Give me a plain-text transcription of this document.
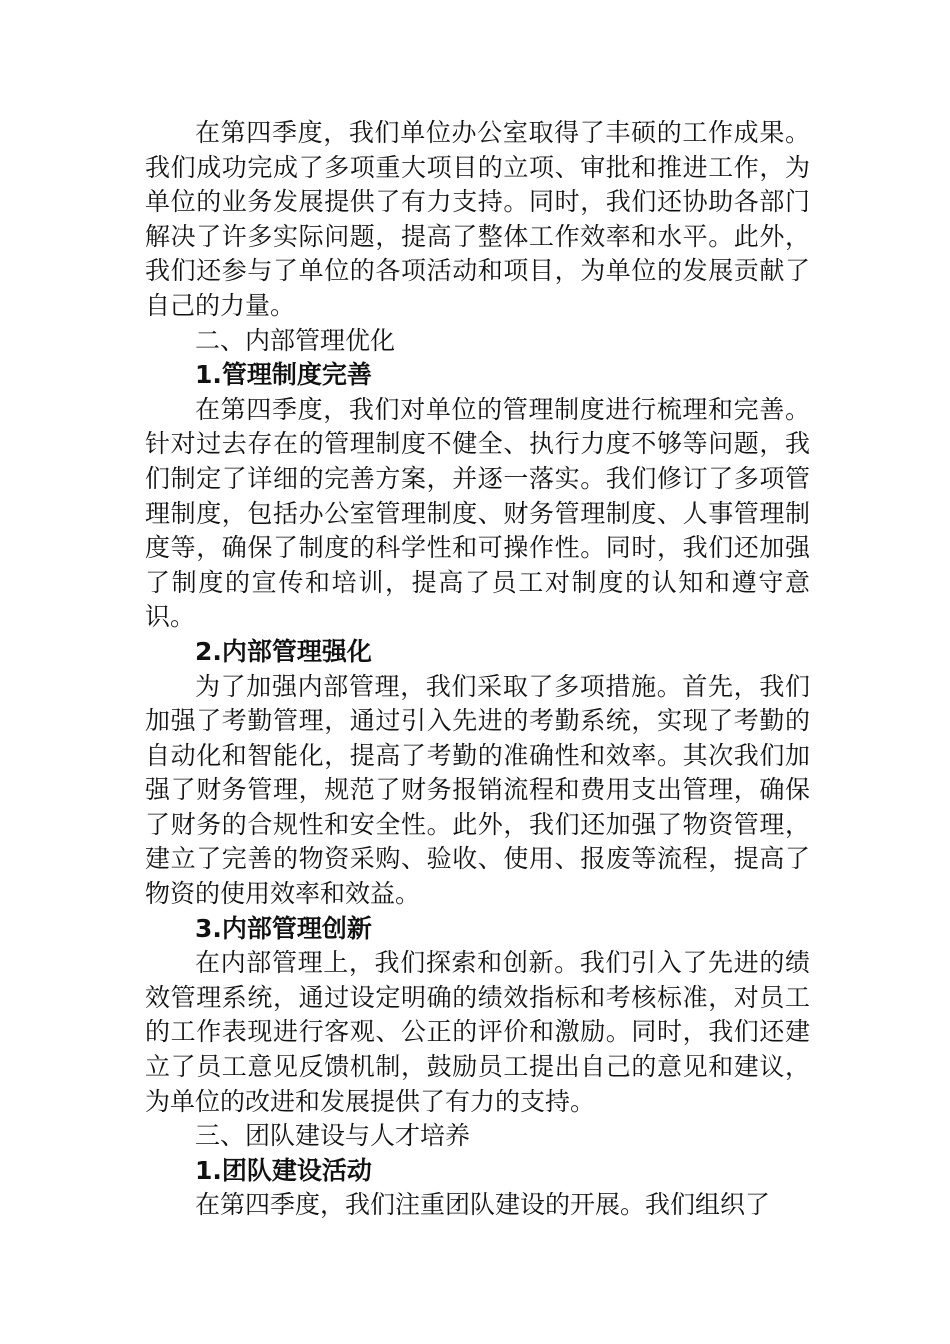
在第四季度，我们单位办公室取得了丰硕的工作成果。我们成功完成了多项重大项目的立项、审批和推进工作，为单位的业务发展提供了有力支持。同时，我们还协助各部门解决了许多实际问题，提高了整体工作效率和水平。此外，我们还参与了单位的各项活动和项目，为单位的发展贡献了自己的力量。

二、内部管理优化

1.管理制度完善

在第四季度，我们对单位的管理制度进行梳理和完善。针对过去存在的管理制度不健全、执行力度不够等问题，我们制定了详细的完善方案，并逐一落实。我们修订了多项管理制度，包括办公室管理制度、财务管理制度、人事管理制度等，确保了制度的科学性和可操作性。同时，我们还加强了制度的宣传和培训，提高了员工对制度的认知和遵守意识。

2.内部管理强化

为了加强内部管理，我们采取了多项措施。首先，我们加强了考勤管理，通过引入先进的考勤系统，实现了考勤的自动化和智能化，提高了考勤的准确性和效率。其次我们加强了财务管理，规范了财务报销流程和费用支出管理，确保了财务的合规性和安全性。此外，我们还加强了物资管理，建立了完善的物资采购、验收、使用、报废等流程，提高了物资的使用效率和效益。

3.内部管理创新

在内部管理上，我们探索和创新。我们引入了先进的绩效管理系统，通过设定明确的绩效指标和考核标准，对员工的工作表现进行客观、公正的评价和激励。同时，我们还建立了员工意见反馈机制，鼓励员工提出自己的意见和建议，为单位的改进和发展提供了有力的支持。

三、团队建设与人才培养

1.团队建设活动

在第四季度，我们注重团队建设的开展。我们组织了
